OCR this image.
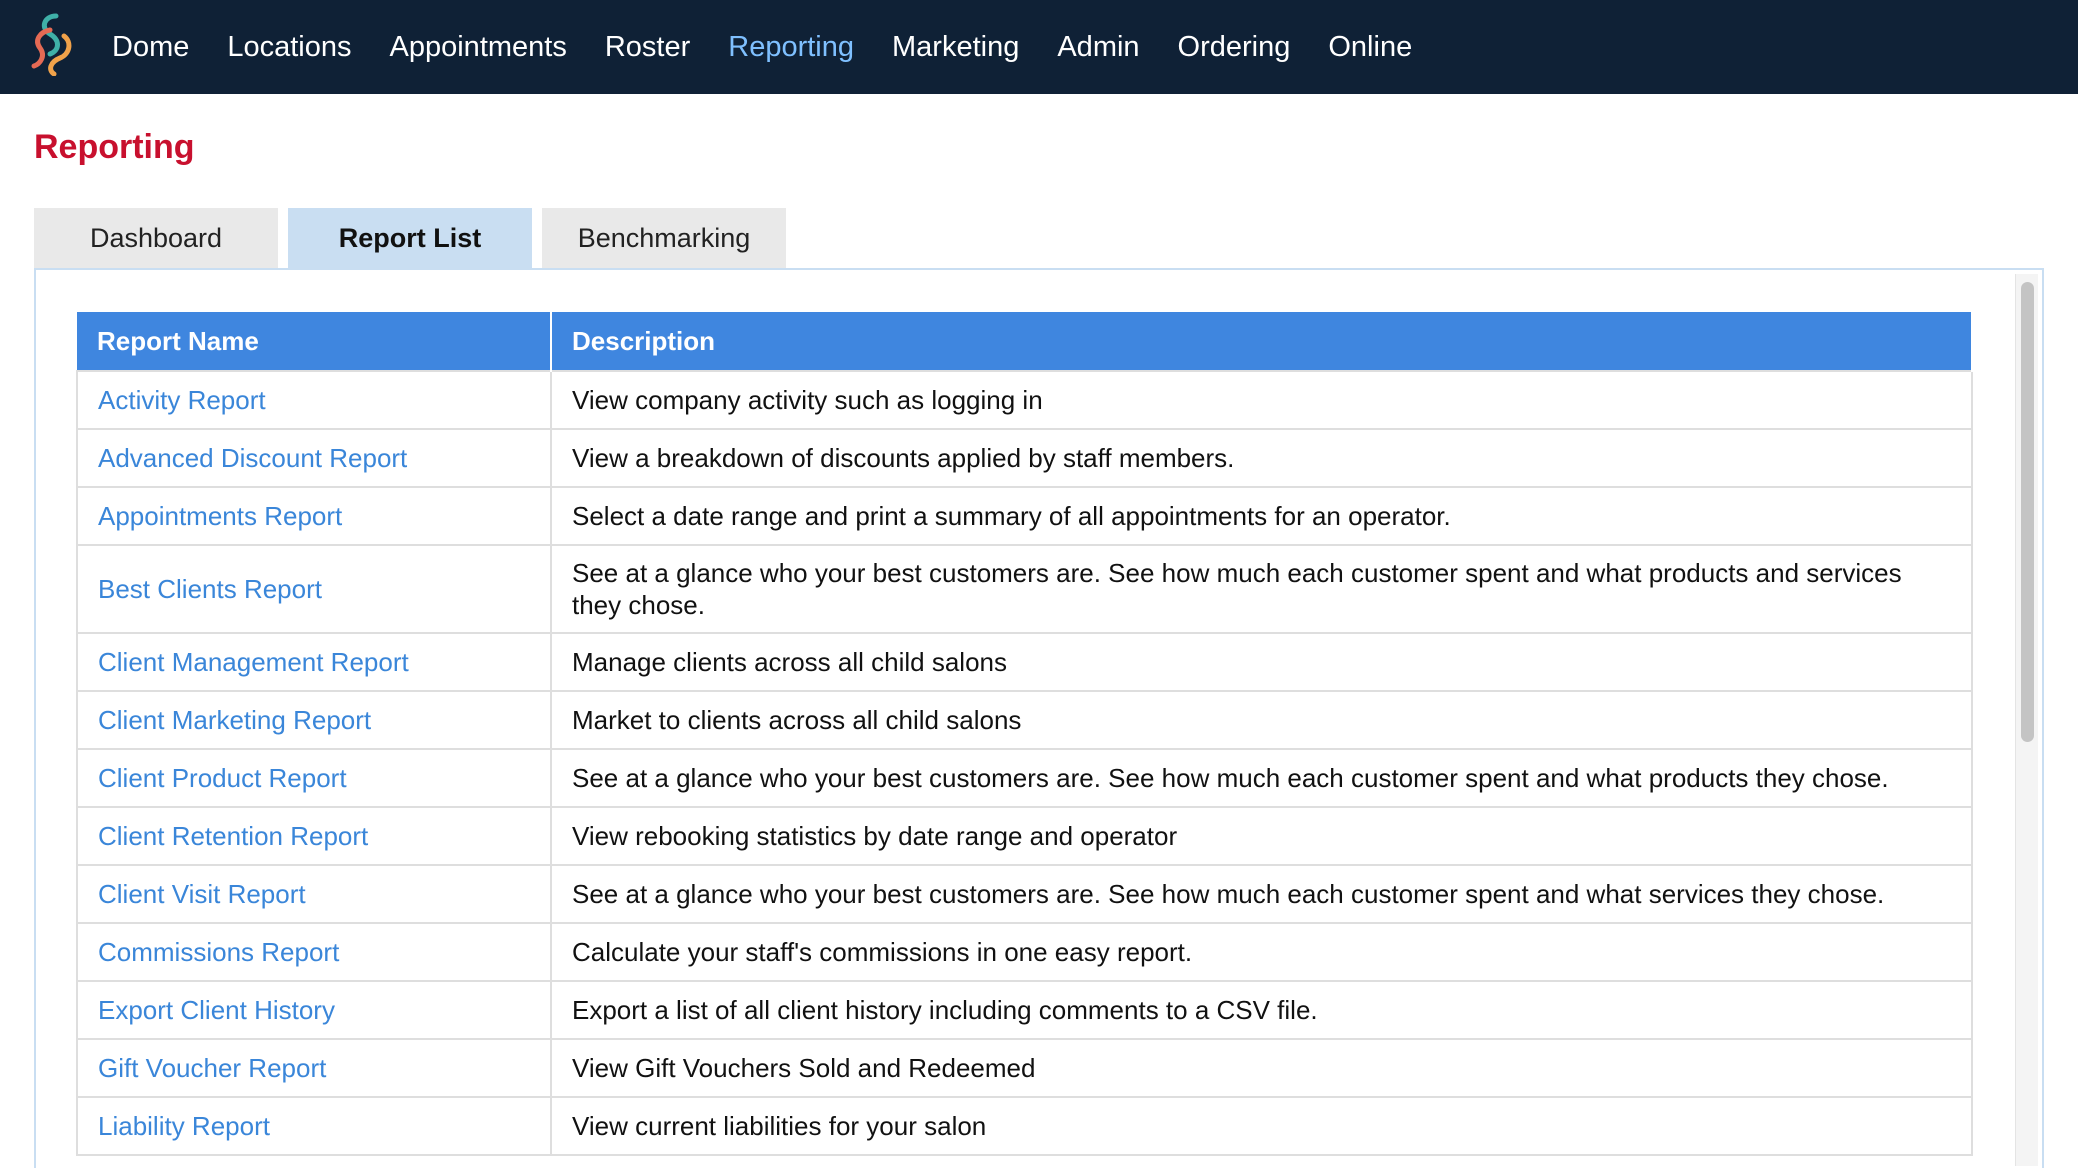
Dome Locations Appointments Roster Reporting Marketing Admin Ordering Online
Reporting
Dashboard	Report List	Benchmarking
Report Name	Description
Activity Report	View company activity such as logging in
Advanced Discount Report	View a breakdown of discounts applied by staff members.
Appointments Report	Select a date range and print a summary of all appointments for an operator.
Best Clients Report	See at a glance who your best customers are. See how much each customer spent and what products and services they chose.
Client Management Report	Manage clients across all child salons
Client Marketing Report	Market to clients across all child salons
Client Product Report	See at a glance who your best customers are. See how much each customer spent and what products they chose.
Client Retention Report	View rebooking statistics by date range and operator
Client Visit Report	See at a glance who your best customers are. See how much each customer spent and what services they chose.
Commissions Report	Calculate your staff's commissions in one easy report.
Export Client History	Export a list of all client history including comments to a CSV file.
Gift Voucher Report	View Gift Vouchers Sold and Redeemed
Liability Report	View current liabilities for your salon
